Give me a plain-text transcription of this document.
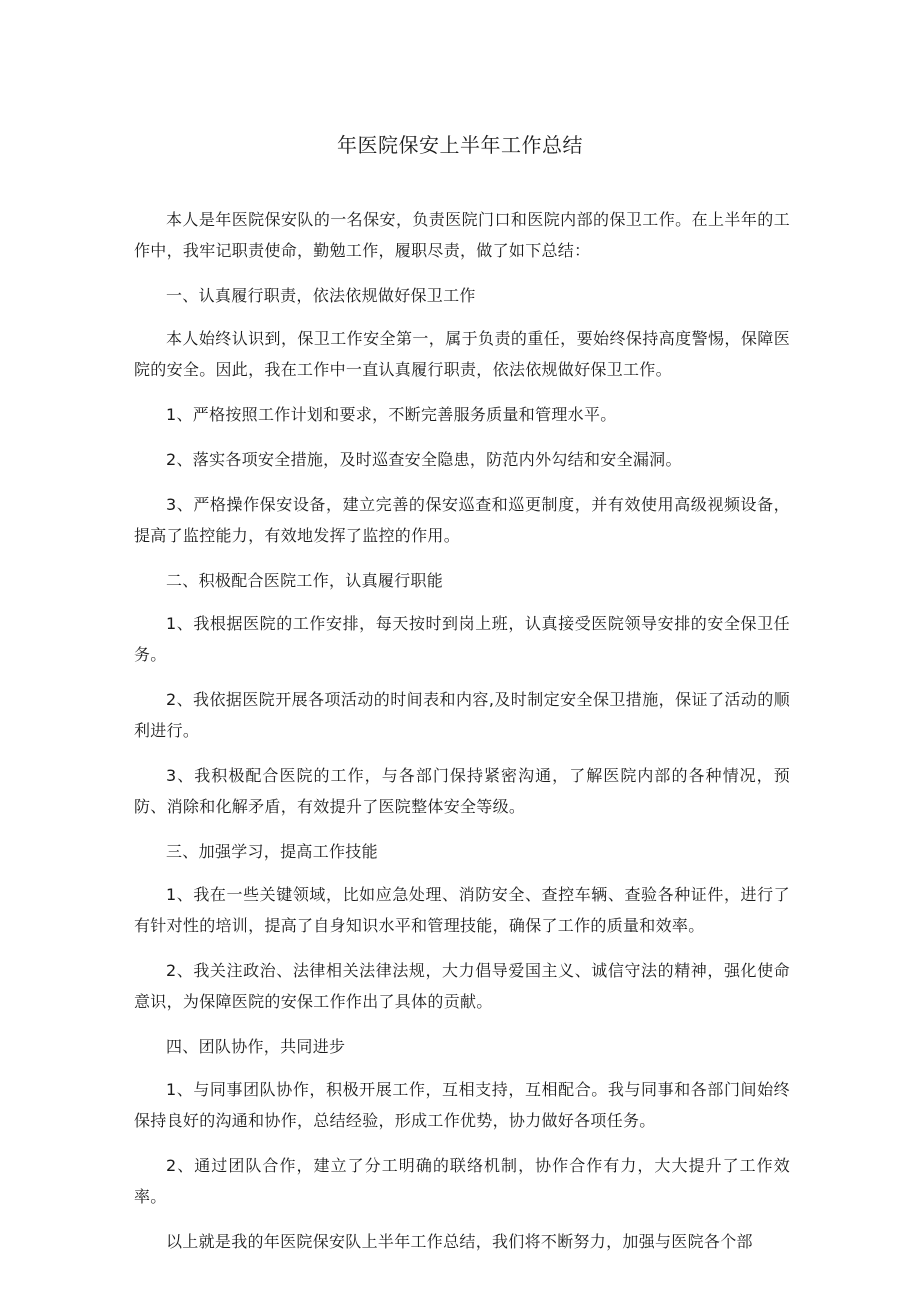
年医院保安上半年工作总结

本人是年医院保安队的一名保安，负责医院门口和医院内部的保卫工作。在上半年的工作中，我牢记职责使命，勤勉工作，履职尽责，做了如下总结：

一、认真履行职责，依法依规做好保卫工作

本人始终认识到，保卫工作安全第一，属于负责的重任，要始终保持高度警惕，保障医院的安全。因此，我在工作中一直认真履行职责，依法依规做好保卫工作。

1、严格按照工作计划和要求，不断完善服务质量和管理水平。

2、落实各项安全措施，及时巡查安全隐患，防范内外勾结和安全漏洞。

3、严格操作保安设备，建立完善的保安巡查和巡更制度，并有效使用高级视频设备，提高了监控能力，有效地发挥了监控的作用。

二、积极配合医院工作，认真履行职能

1、我根据医院的工作安排，每天按时到岗上班，认真接受医院领导安排的安全保卫任务。

2、我依据医院开展各项活动的时间表和内容,及时制定安全保卫措施，保证了活动的顺利进行。

3、我积极配合医院的工作，与各部门保持紧密沟通，了解医院内部的各种情况，预防、消除和化解矛盾，有效提升了医院整体安全等级。

三、加强学习，提高工作技能

1、我在一些关键领域，比如应急处理、消防安全、查控车辆、查验各种证件，进行了有针对性的培训，提高了自身知识水平和管理技能，确保了工作的质量和效率。

2、我关注政治、法律相关法律法规，大力倡导爱国主义、诚信守法的精神，强化使命意识，为保障医院的安保工作作出了具体的贡献。

四、团队协作，共同进步

1、与同事团队协作，积极开展工作，互相支持，互相配合。我与同事和各部门间始终保持良好的沟通和协作，总结经验，形成工作优势，协力做好各项任务。

2、通过团队合作，建立了分工明确的联络机制，协作合作有力，大大提升了工作效率。

以上就是我的年医院保安队上半年工作总结，我们将不断努力，加强与医院各个部
